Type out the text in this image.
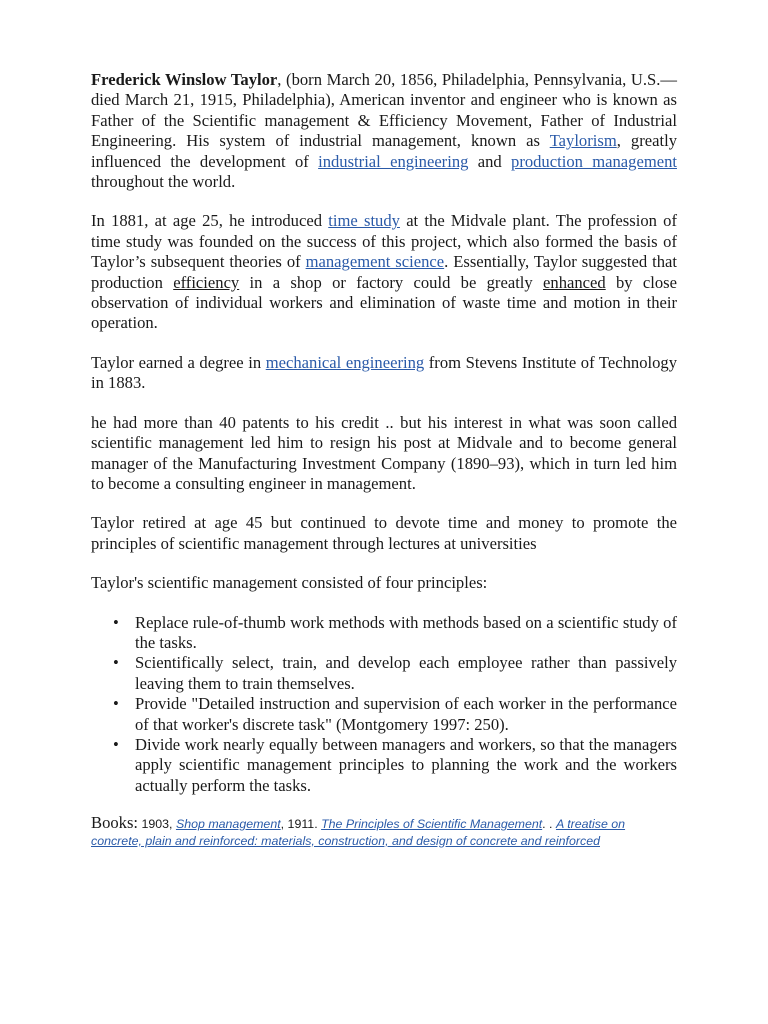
Frederick Winslow Taylor, (born March 20, 1856, Philadelphia, Pennsylvania, U.S.—died March 21, 1915, Philadelphia), American inventor and engineer who is known as Father of the Scientific management & Efficiency Movement, Father of Industrial Engineering. His system of industrial management, known as Taylorism, greatly influenced the development of industrial engineering and production management throughout the world.

In 1881, at age 25, he introduced time study at the Midvale plant. The profession of time study was founded on the success of this project, which also formed the basis of Taylor’s subsequent theories of management science. Essentially, Taylor suggested that production efficiency in a shop or factory could be greatly enhanced by close observation of individual workers and elimination of waste time and motion in their operation.

Taylor earned a degree in mechanical engineering from Stevens Institute of Technology in 1883.

he had more than 40 patents to his credit .. but his interest in what was soon called scientific management led him to resign his post at Midvale and to become general manager of the Manufacturing Investment Company (1890–93), which in turn led him to become a consulting engineer in management.

Taylor retired at age 45 but continued to devote time and money to promote the principles of scientific management through lectures at universities

Taylor's scientific management consisted of four principles:

• Replace rule-of-thumb work methods with methods based on a scientific study of the tasks.
• Scientifically select, train, and develop each employee rather than passively leaving them to train themselves.
• Provide "Detailed instruction and supervision of each worker in the performance of that worker's discrete task" (Montgomery 1997: 250).
• Divide work nearly equally between managers and workers, so that the managers apply scientific management principles to planning the work and the workers actually perform the tasks.
Books: 1903, Shop management, 1911. The Principles of Scientific Management. . A treatise on concrete, plain and reinforced: materials, construction, and design of concrete and reinforced
